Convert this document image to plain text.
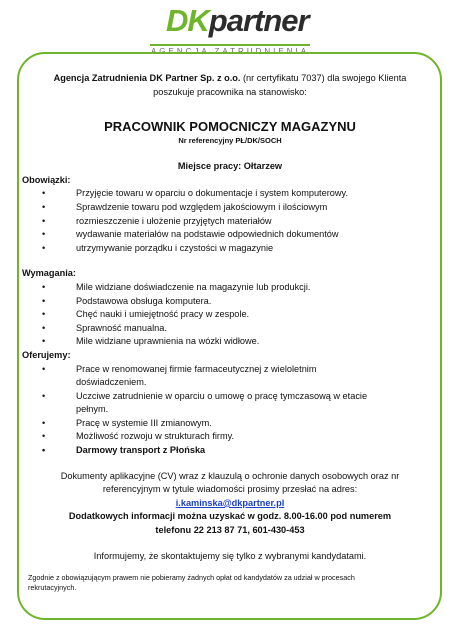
DKpartner
AGENCJA ZATRUDNIENIA
Agencja Zatrudnienia DK Partner Sp. z o.o. (nr certyfikatu 7037) dla swojego Klienta poszukuje pracownika na stanowisko:
PRACOWNIK POMOCNICZY MAGAZYNU
Nr referencyjny PŁ/DK/SOCH
Miejsce pracy: Ołtarzew
Obowiązki:
• Przyjęcie towaru w oparciu o dokumentacje i system komputerowy.
• Sprawdzenie towaru pod względem jakościowym i ilościowym
• rozmieszczenie i ułożenie przyjętych materiałów
• wydawanie materiałów na podstawie odpowiednich dokumentów
• utrzymywanie porządku i czystości w magazynie
Wymagania:
• Mile widziane doświadczenie na magazynie lub produkcji.
• Podstawowa obsługa komputera.
• Chęć nauki i umiejętność pracy w zespole.
• Sprawność manualna.
• Mile widziane uprawnienia na wózki widłowe.
Oferujemy:
• Prace w renomowanej firmie farmaceutycznej z wieloletnim doświadczeniem.
• Uczciwe zatrudnienie w oparciu o umowę o pracę tymczasową w etacie pełnym.
• Pracę w systemie III zmianowym.
• Możliwość rozwoju w strukturach firmy.
• Darmowy transport z Płońska
Dokumenty aplikacyjne (CV) wraz z klauzulą o ochronie danych osobowych oraz nr referencyjnym w tytule wiadomości prosimy przesłać na adres:
i.kaminska@dkpartner.pl
Dodatkowych informacji można uzyskać w godz. 8.00-16.00 pod numerem telefonu 22 213 87 71, 601-430-453
Informujemy, że skontaktujemy się tylko z wybranymi kandydatami.
Zgodnie z obowiązującym prawem nie pobieramy żadnych opłat od kandydatów za udział w procesach rekrutacyjnych.
